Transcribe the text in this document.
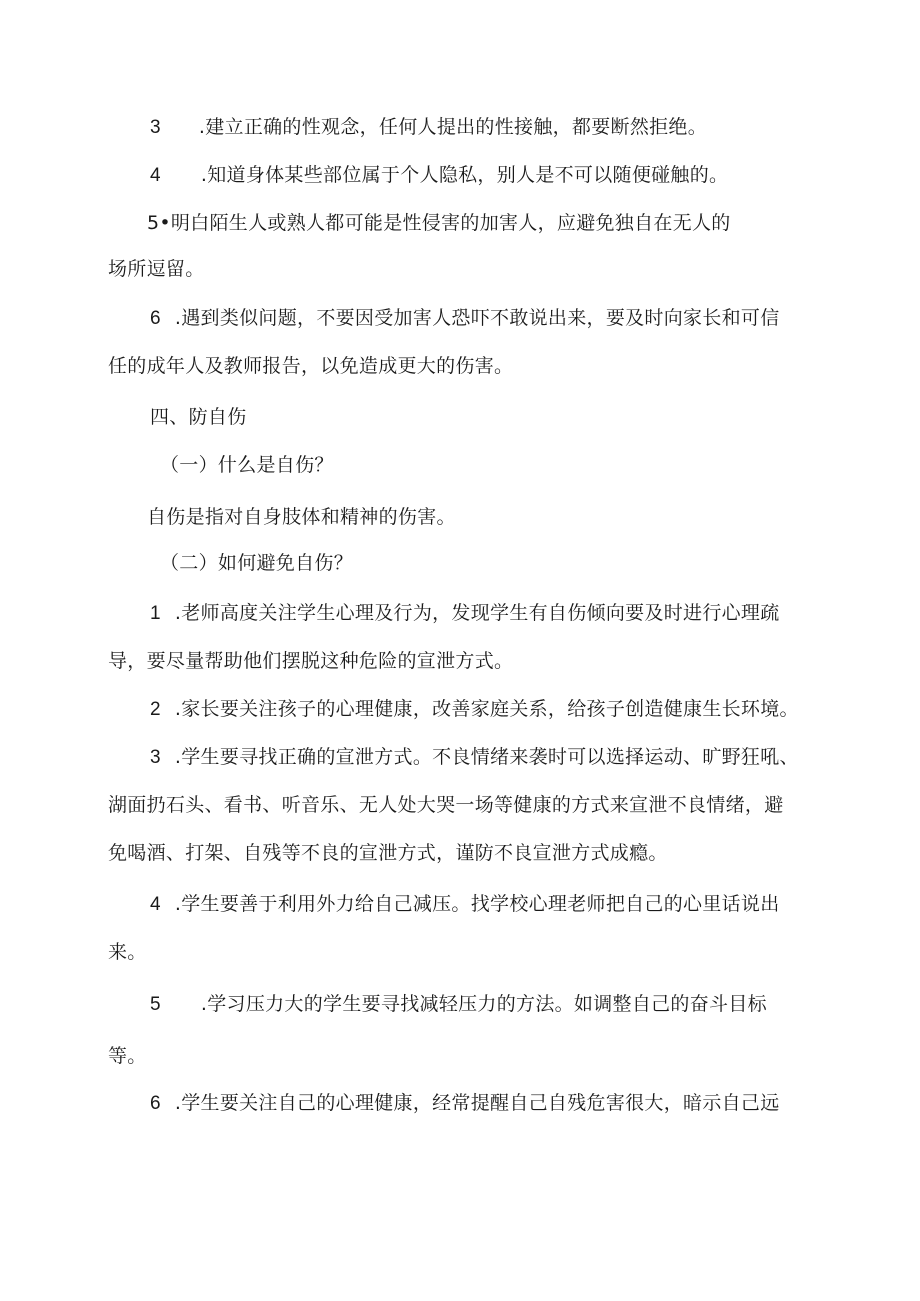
3 .建立正确的性观念，任何人提出的性接触，都要断然拒绝。
4 .知道身体某些部位属于个人隐私，别人是不可以随便碰触的。
5•明白陌生人或熟人都可能是性侵害的加害人，应避免独自在无人的
场所逗留。
6 .遇到类似问题，不要因受加害人恐吓不敢说出来，要及时向家长和可信
任的成年人及教师报告，以免造成更大的伤害。
四、防自伤
（一）什么是自伤？
自伤是指对自身肢体和精神的伤害。
（二）如何避免自伤？
1 .老师高度关注学生心理及行为，发现学生有自伤倾向要及时进行心理疏
导，要尽量帮助他们摆脱这种危险的宣泄方式。
2 .家长要关注孩子的心理健康，改善家庭关系，给孩子创造健康生长环境。
3 .学生要寻找正确的宣泄方式。不良情绪来袭时可以选择运动、旷野狂吼、
湖面扔石头、看书、听音乐、无人处大哭一场等健康的方式来宣泄不良情绪，避
免喝酒、打架、自残等不良的宣泄方式，谨防不良宣泄方式成瘾。
4 .学生要善于利用外力给自己减压。找学校心理老师把自己的心里话说出
来。
5 .学习压力大的学生要寻找减轻压力的方法。如调整自己的奋斗目标
等。
6 .学生要关注自己的心理健康，经常提醒自己自残危害很大，暗示自己远
